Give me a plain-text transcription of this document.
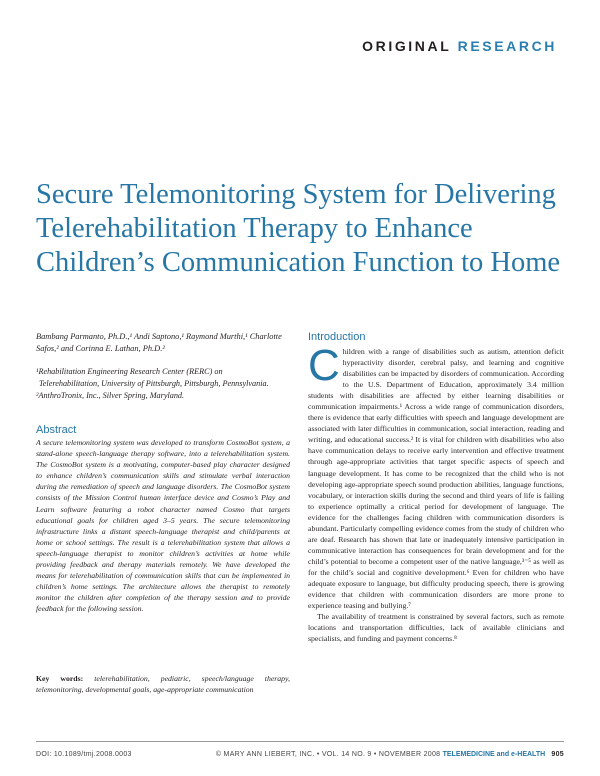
ORIGINAL RESEARCH
Secure Telemonitoring System for Delivering
Telerehabilitation Therapy to Enhance
Children’s Communication Function to Home
Bambang Parmanto, Ph.D.,¹ Andi Saptono,¹ Raymond Murthi,¹ Charlotte Safos,² and Corinna E. Lathan, Ph.D.²
¹Rehabilitation Engineering Research Center (RERC) on
Telerehabilitation, University of Pittsburgh, Pittsburgh, Pennsylvania.
²AnthroTronix, Inc., Silver Spring, Maryland.
Abstract

A secure telemonitoring system was developed to transform CosmoBot system, a stand-alone speech-language therapy software, into a telerehabilitation system. The CosmoBot system is a motivating, computer-based play character designed to enhance children’s communication skills and stimulate verbal interaction during the remediation of speech and language disorders. The CosmoBot system consists of the Mission Control human interface device and Cosmo’s Play and Learn software featuring a robot character named Cosmo that targets educational goals for children aged 3–5 years. The secure telemonitoring infrastructure links a distant speech-language therapist and child/parents at home or school settings. The result is a telerehabilitation system that allows a speech-language therapist to monitor children’s activities at home while providing feedback and therapy materials remotely. We have developed the means for telerehabilitation of communication skills that can be implemented in children’s home settings. The architecture allows the therapist to remotely monitor the children after completion of the therapy session and to provide feedback for the following session.

Key words: telerehabilitation, pediatric, speech/language therapy, telemonitoring, developmental goals, age-appropriate communication

Introduction

Children with a range of disabilities such as autism, attention deficit hyperactivity disorder, cerebral palsy, and learning and cognitive disabilities can be impacted by disorders of communication. According to the U.S. Department of Education, approximately 3.4 million students with disabilities are affected by either learning disabilities or communication impairments.¹ Across a wide range of communication disorders, there is evidence that early difficulties with speech and language development are associated with later difficulties in communication, social interaction, reading and writing, and educational success.² It is vital for children with disabilities who also have communication delays to receive early intervention and effective treatment through age-appropriate activities that target specific aspects of speech and language development. It has come to be recognized that the child who is not developing age-appropriate speech sound production abilities, language functions, vocabulary, or interaction skills during the second and third years of life is failing to experience optimally a critical period for development of language. The evidence for the challenges facing children with communication disorders is abundant. Particularly compelling evidence comes from the study of children who are deaf. Research has shown that late or inadequately intensive participation in communicative interaction has consequences for brain development and for the child’s potential to become a competent user of the native language,³⁻⁵ as well as for the child’s social and cognitive development.⁶ Even for children who have adequate exposure to language, but difficulty producing speech, there is growing evidence that children with communication disorders are more prone to experience teasing and bullying.⁷

The availability of treatment is constrained by several factors, such as remote locations and transportation difficulties, lack of available clinicians and specialists, and funding and payment concerns.⁸

DOI: 10.1089/tmj.2008.0003	© MARY ANN LIEBERT, INC. • VOL. 14 NO. 9 • NOVEMBER 2008 TELEMEDICINE and e-HEALTH 905
